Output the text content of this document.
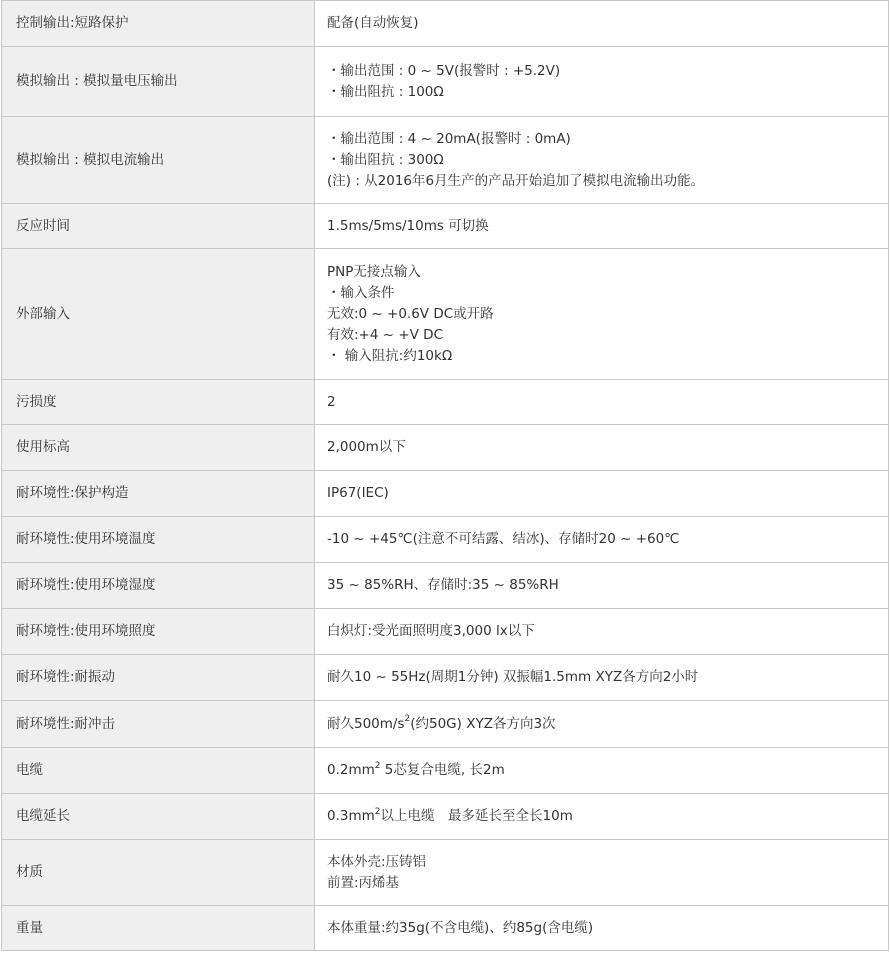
控制输出:短路保护	配备(自动恢复)

模拟输出 : 模拟量电压输出	・输出范围 : 0 ~ 5V(报警时 : +5.2V)
・输出阻抗 : 100Ω

模拟输出 : 模拟电流输出	・输出范围 : 4 ~ 20mA(报警时 : 0mA)
・输出阻抗 : 300Ω
(注) : 从2016年6月生产的产品开始追加了模拟电流输出功能。

反应时间	1.5ms/5ms/10ms 可切换

外部输入	PNP无接点输入
・输入条件
无效:0 ~ +0.6V DC或开路
有效:+4 ~ +V DC
・ 输入阻抗:约10kΩ

污损度	2

使用标高	2,000m以下

耐环境性:保护构造	IP67(IEC)

耐环境性:使用环境温度	-10 ~ +45℃(注意不可结露、结冰)、存储时20 ~ +60℃

耐环境性:使用环境湿度	35 ~ 85%RH、存储时:35 ~ 85%RH

耐环境性:使用环境照度	白炽灯:受光面照明度3,000 lx以下

耐环境性:耐振动	耐久10 ~ 55Hz(周期1分钟) 双振幅1.5mm XYZ各方向2小时

耐环境性:耐冲击	耐久$500m/s^2$(约50G) XYZ各方向3次

电缆	$0.2mm^2$ 5芯复合电缆, 长2m

电缆延长	$0.3mm^2$以上电缆　最多延长至全长10m

材质	本体外壳:压铸铝
前置:丙烯基

重量	本体重量:约35g(不含电缆)、约85g(含电缆)
